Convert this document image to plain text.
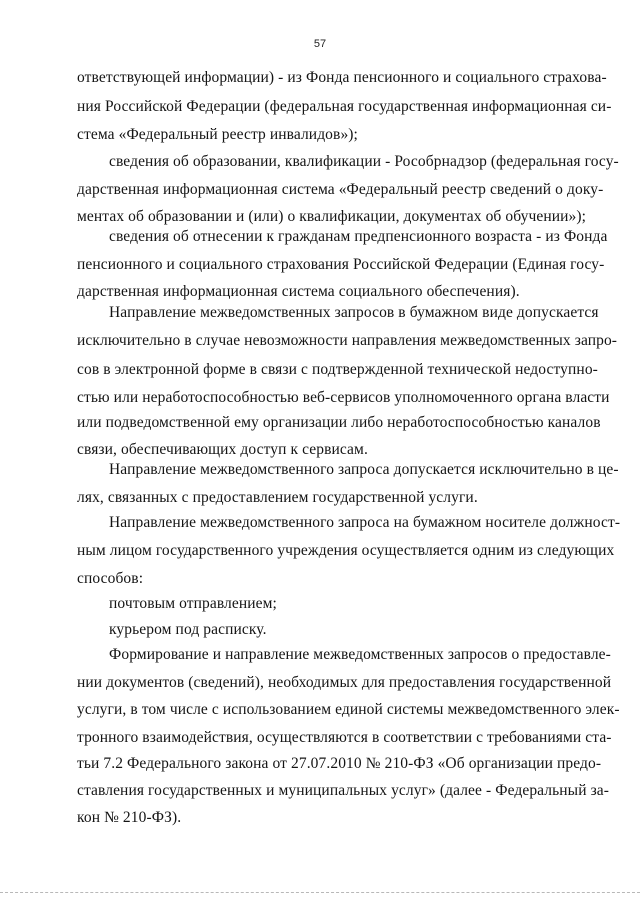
57
ответствующей информации) - из Фонда пенсионного и социального страхова-
ния Российской Федерации (федеральная государственная информационная си-
стема «Федеральный реестр инвалидов»);
сведения об образовании, квалификации - Рособрнадзор (федеральная госу-
дарственная информационная система «Федеральный реестр сведений о доку-
ментах об образовании и (или) о квалификации, документах об обучении»);
сведения об отнесении к гражданам предпенсионного возраста - из Фонда
пенсионного и социального страхования Российской Федерации (Единая госу-
дарственная информационная система социального обеспечения).
Направление межведомственных запросов в бумажном виде допускается
исключительно в случае невозможности направления межведомственных запро-
сов в электронной форме в связи с подтвержденной технической недоступно-
стью или неработоспособностью веб-сервисов уполномоченного органа власти
или подведомственной ему организации либо неработоспособностью каналов
связи, обеспечивающих доступ к сервисам.
Направление межведомственного запроса допускается исключительно в це-
лях, связанных с предоставлением государственной услуги.
Направление межведомственного запроса на бумажном носителе должност-
ным лицом государственного учреждения осуществляется одним из следующих
способов:
почтовым отправлением;
курьером под расписку.
Формирование и направление межведомственных запросов о предоставле-
нии документов (сведений), необходимых для предоставления государственной
услуги, в том числе с использованием единой системы межведомственного элек-
тронного взаимодействия, осуществляются в соответствии с требованиями ста-
тьи 7.2 Федерального закона от 27.07.2010 № 210-ФЗ «Об организации предо-
ставления государственных и муниципальных услуг» (далее - Федеральный за-
кон № 210-ФЗ).
